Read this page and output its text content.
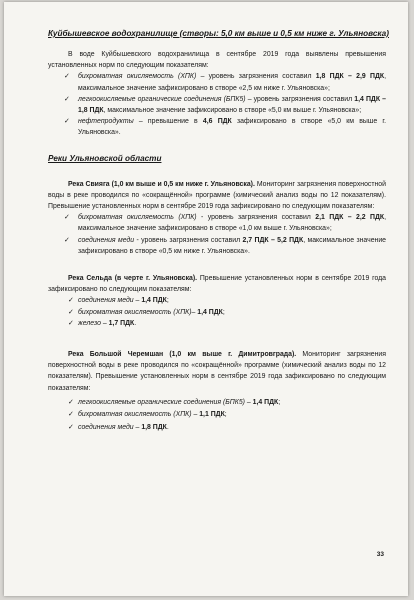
Куйбышевское водохранилище (створы: 5,0 км выше и 0,5 км ниже г. Ульяновска)

В воде Куйбышевского водохранилища в сентябре 2019 года выявлены превышения установленных норм по следующим показателям:

✓ бихроматная окисляемость (ХПК) – уровень загрязнения составил 1,8 ПДК – 2,9 ПДК, максимальное значение зафиксировано в створе «2,5 км ниже г. Ульяновска»;
✓ легкоокисляемые органические соединения (БПК5) – уровень загрязнения составил 1,4 ПДК – 1,8 ПДК, максимальное значение зафиксировано в створе «5,0 км выше г. Ульяновска»;
✓ нефтепродукты – превышение в 4,6 ПДК зафиксировано в створе «5,0 км выше г. Ульяновска».
Реки Ульяновской области

Река Свияга (1,0 км выше и 0,5 км ниже г. Ульяновска). Мониторинг загрязнения поверхностной воды в реке проводился по «сокращённой» программе (химический анализ воды по 12 показателям). Превышение установленных норм в сентябре 2019 года зафиксировано по следующим показателям:

✓ бихроматная окисляемость (ХПК) - уровень загрязнения составил 2,1 ПДК – 2,2 ПДК, максимальное значение зафиксировано в створе «1,0 км выше г. Ульяновска»;
✓ соединения меди - уровень загрязнения составил 2,7 ПДК – 5,2 ПДК, максимальное значение зафиксировано в створе «0,5 км ниже г. Ульяновска».

Река Сельда (в черте г. Ульяновска). Превышение установленных норм в сентябре 2019 года зафиксировано по следующим показателям:

✓ соединения меди – 1,4 ПДК;
✓ бихроматная окисляемость (ХПК)– 1,4 ПДК;
✓ железо – 1,7 ПДК.

Река Большой Черемшан (1,0 км выше г. Димитровграда). Мониторинг загрязнения поверхностной воды в реке проводился по «сокращённой» программе (химический анализ воды по 12 показателям). Превышение установленных норм в сентябре 2019 года зафиксировано по следующим показателям:

✓ легкоокисляемые органические соединения (БПК5) – 1,4 ПДК;
✓ бихроматная окисляемость (ХПК) – 1,1 ПДК;
✓ соединения меди – 1,8 ПДК.
33
